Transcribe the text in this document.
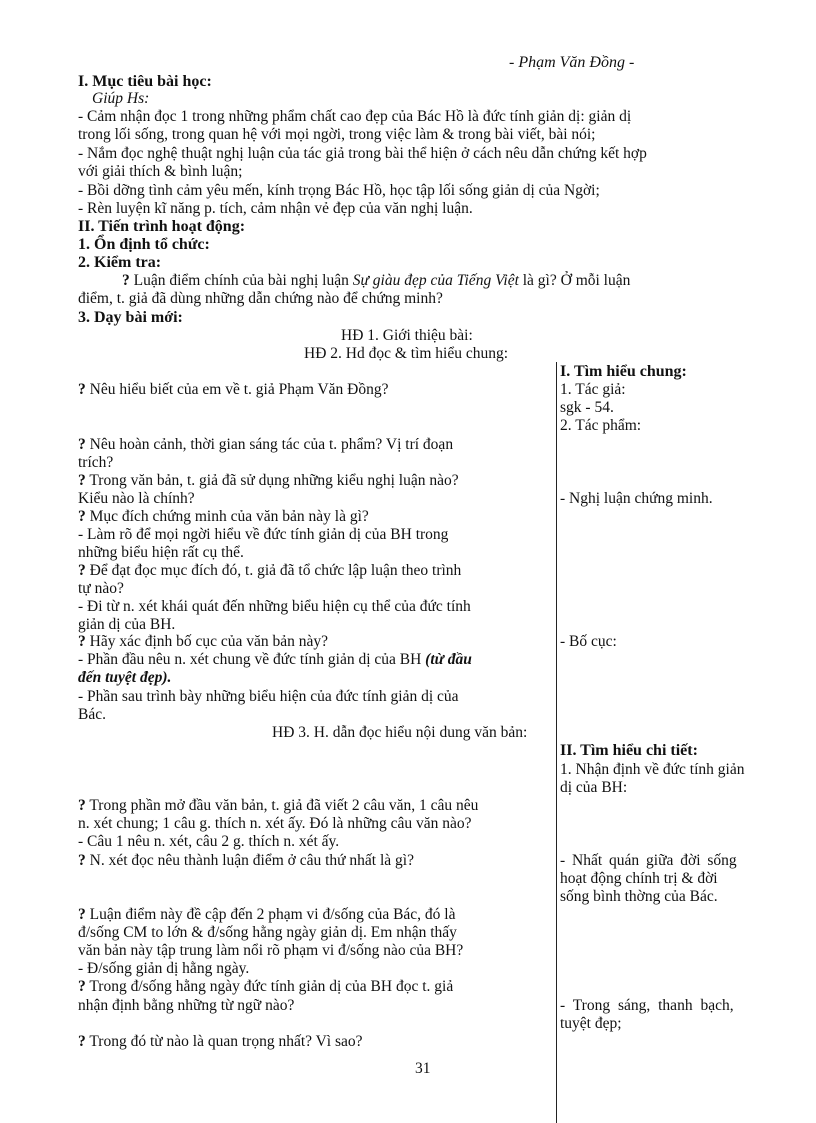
- Phạm Văn Đồng -
I. Mục tiêu bài học:
Giúp Hs:
- Cảm nhận đọc 1 trong những phẩm chất cao đẹp của Bác Hồ là đức tính giản dị: giản dị
trong lối sống, trong quan hệ với mọi ngời, trong việc làm & trong bài viết, bài nói;
- Nắm đọc nghệ thuật nghị luận của tác giả trong bài thể hiện ở cách nêu dẫn chứng kết hợp
với giải thích & bình luận;
- Bồi dỡng tình cảm yêu mến, kính trọng Bác Hồ, học tập lối sống giản dị của Ngời;
- Rèn luyện kĩ năng p. tích, cảm nhận vẻ đẹp của văn nghị luận.
II. Tiến trình hoạt động:
1. Ổn định tổ chức:
2. Kiểm tra:
? Luận điểm chính của bài nghị luận Sự giàu đẹp của Tiếng Việt là gì? Ở mỗi luận
điểm, t. giả đã dùng những dẫn chứng nào để chứng minh?
3. Dạy bài mới:
HĐ 1. Giới thiệu bài:
HĐ 2. Hd đọc & tìm hiểu chung:
I. Tìm hiểu chung:
1. Tác giả:
sgk - 54.
2. Tác phẩm:
- Nghị luận chứng minh.
- Bố cục:
II. Tìm hiểu chi tiết:
1. Nhận định về đức tính giản
dị của BH:
- Nhất quán giữa đời sống
hoạt động chính trị & đời
sống bình thờng của Bác.
- Trong sáng, thanh bạch,
tuyệt đẹp;
? Nêu hiểu biết của em về t. giả Phạm Văn Đồng?
? Nêu hoàn cảnh, thời gian sáng tác của t. phẩm? Vị trí đoạn
trích?
? Trong văn bản, t. giả đã sử dụng những kiểu nghị luận nào?
Kiểu nào là chính?
? Mục đích chứng minh của văn bản này là gì?
- Làm rõ để mọi ngời hiểu về đức tính giản dị của BH trong
những biểu hiện rất cụ thể.
? Để đạt đọc mục đích đó, t. giả đã tổ chức lập luận theo trình
tự nào?
- Đi từ n. xét khái quát đến những biểu hiện cụ thể của đức tính
giản dị của BH.
? Hãy xác định bố cục của văn bản này?
- Phần đầu nêu n. xét chung về đức tính giản dị của BH (từ đầu
đến tuyệt đẹp).
- Phần sau trình bày những biểu hiện của đức tính giản dị của
Bác.
HĐ 3. H. dẫn đọc hiểu nội dung văn bản:
? Trong phần mở đầu văn bản, t. giả đã viết 2 câu văn, 1 câu nêu
n. xét chung; 1 câu g. thích n. xét ấy. Đó là những câu văn nào?
- Câu 1 nêu n. xét, câu 2 g. thích n. xét ấy.
? N. xét đọc nêu thành luận điểm ở câu thứ nhất là gì?
? Luận điểm này đề cập đến 2 phạm vi đ/sống của Bác, đó là
đ/sống CM to lớn & đ/sống hằng ngày giản dị. Em nhận thấy
văn bản này tập trung làm nổi rõ phạm vi đ/sống nào của BH?
- Đ/sống giản dị hằng ngày.
? Trong đ/sống hằng ngày đức tính giản dị của BH đọc t. giả
nhận định bằng những từ ngữ nào?
? Trong đó từ nào là quan trọng nhất? Vì sao?
31
